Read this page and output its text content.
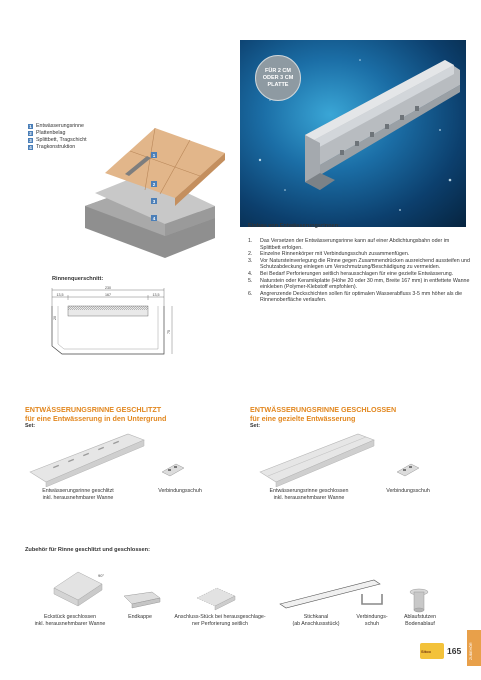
1
2
3
4
1 Entwässerungsrinne
2 Plattenbelag
3 Splittbett, Tragschicht
4 Tragkonstruktion
FÜR 2 CM
ODER 3 CM
PLATTE
Einbau von Entwässerungsrinnen:
1.	Das Versetzen der Entwässerungsrinne kann auf einer Abdichtungsbahn oder im Splittbett erfolgen.
2.	Einzelne Rinnenkörper mit Verbindungsschuh zusammenfügen.
3.	Vor Natursteinverlegung die Rinne gegen Zusammendrücken ausreichend aussteifen und Schutzabdeckung einlegen um Verschmutzung/Beschädigung zu vermeiden.
4.	Bei Bedarf Perforierungen seitlich herausschlagen für eine gezielte Entwässerung.
5.	Naturstein oder Keramikplatte (Höhe 20 oder 30 mm, Breite 167 mm) in entfettete Wanne einkleben (Polymer-Klebstoff empfohlen).
6.	Angrenzende Deckschichten sollen für optimalen Wasserabfluss 3-5 mm höher als die Rinnenoberfläche verlaufen.
Rinnenquerschnitt:
230
13,5	167	13,5
75
20
ENTWÄSSERUNGSRINNE GESCHLITZT
für eine Entwässerung in den Untergrund
Set:
Entwässerungsrinne geschlitzt
inkl. herausnehmbarer Wanne
Verbindungsschuh
ENTWÄSSERUNGSRINNE GESCHLOSSEN
für eine gezielte Entwässerung
Set:
Entwässerungsrinne geschlossen
inkl. herausnehmbarer Wanne
Verbindungsschuh
Zubehör für Rinne geschlitzt und geschlossen:
90°
Eckstück geschlossen
inkl. herausnehmbarer Wanne
Endkappe	Anschluss-Stück bei herausgeschlage-
ner Perforierung seitlich
Stichkanal
(ab Anschlussstück)
Verbindungs-
schuh
Ablaufstutzen
Bodenablauf
Sitoo 165 ZUBEHÖR
